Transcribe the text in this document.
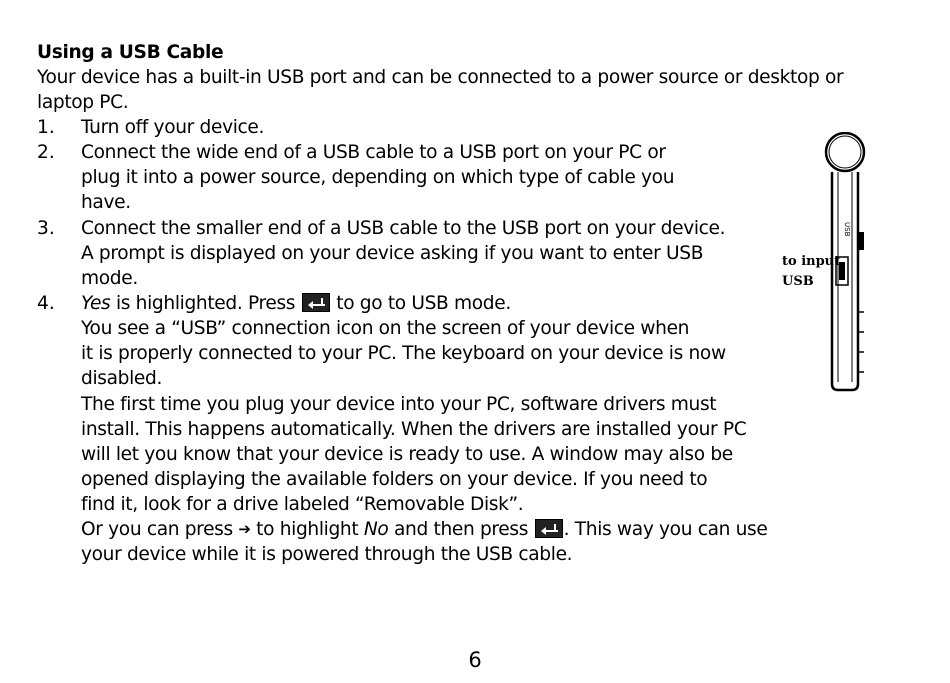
Using a USB Cable
Your device has a built-in USB port and can be connected to a power source or desktop or
laptop PC.
1. Turn off your device.
2. Connect the wide end of a USB cable to a USB port on your PC or
plug it into a power source, depending on which type of cable you
have.
3. Connect the smaller end of a USB cable to the USB port on your device.
A prompt is displayed on your device asking if you want to enter USB
mode.
4. Yes is highlighted. Press
to go to USB mode.
You see a “USB” connection icon on the screen of your device when
it is properly connected to your PC. The keyboard on your device is now
disabled.
The first time you plug your device into your PC, software drivers must
install. This happens automatically. When the drivers are installed your PC
will let you know that your device is ready to use. A window may also be
opened displaying the available folders on your device. If you need to
find it, look for a drive labeled “Removable Disk”.
Or you can press ➔ to highlight No and then press
. This way you can use
your device while it is powered through the USB cable.
USB
to input
USB
6
